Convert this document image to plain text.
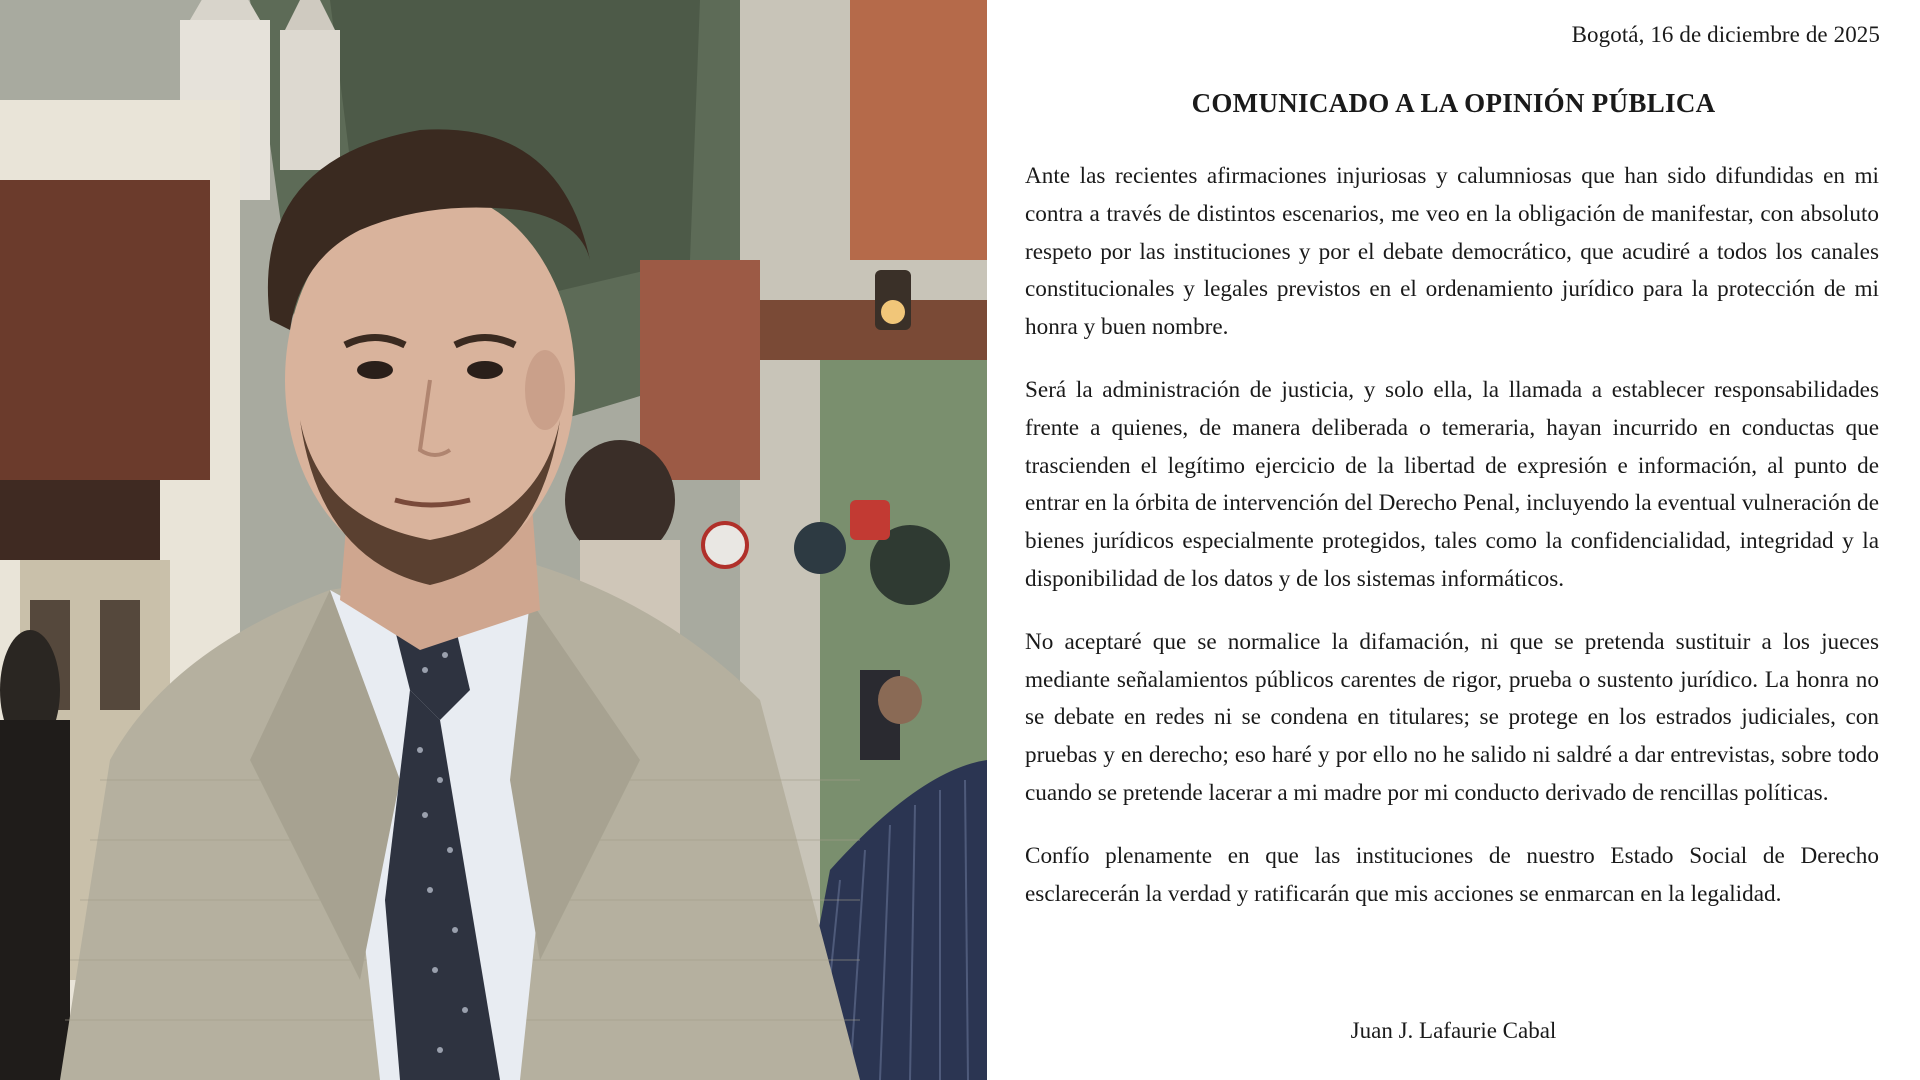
Bogotá, 16 de diciembre de 2025
COMUNICADO A LA OPINIÓN PÚBLICA

Ante las recientes afirmaciones injuriosas y calumniosas que han sido difundidas en mi contra a través de distintos escenarios, me veo en la obligación de manifestar, con absoluto respeto por las instituciones y por el debate democrático, que acudiré a todos los canales constitucionales y legales previstos en el ordenamiento jurídico para la protección de mi honra y buen nombre.

Será la administración de justicia, y solo ella, la llamada a establecer responsabilidades frente a quienes, de manera deliberada o temeraria, hayan incurrido en conductas que trascienden el legítimo ejercicio de la libertad de expresión e información, al punto de entrar en la órbita de intervención del Derecho Penal, incluyendo la eventual vulneración de bienes jurídicos especialmente protegidos, tales como la confidencialidad, integridad y la disponibilidad de los datos y de los sistemas informáticos.

No aceptaré que se normalice la difamación, ni que se pretenda sustituir a los jueces mediante señalamientos públicos carentes de rigor, prueba o sustento jurídico. La honra no se debate en redes ni se condena en titulares; se protege en los estrados judiciales, con pruebas y en derecho; eso haré y por ello no he salido ni saldré a dar entrevistas, sobre todo cuando se pretende lacerar a mi madre por mi conducto derivado de rencillas políticas.

Confío plenamente en que las instituciones de nuestro Estado Social de Derecho esclarecerán la verdad y ratificarán que mis acciones se enmarcan en la legalidad.

Juan J. Lafaurie Cabal
